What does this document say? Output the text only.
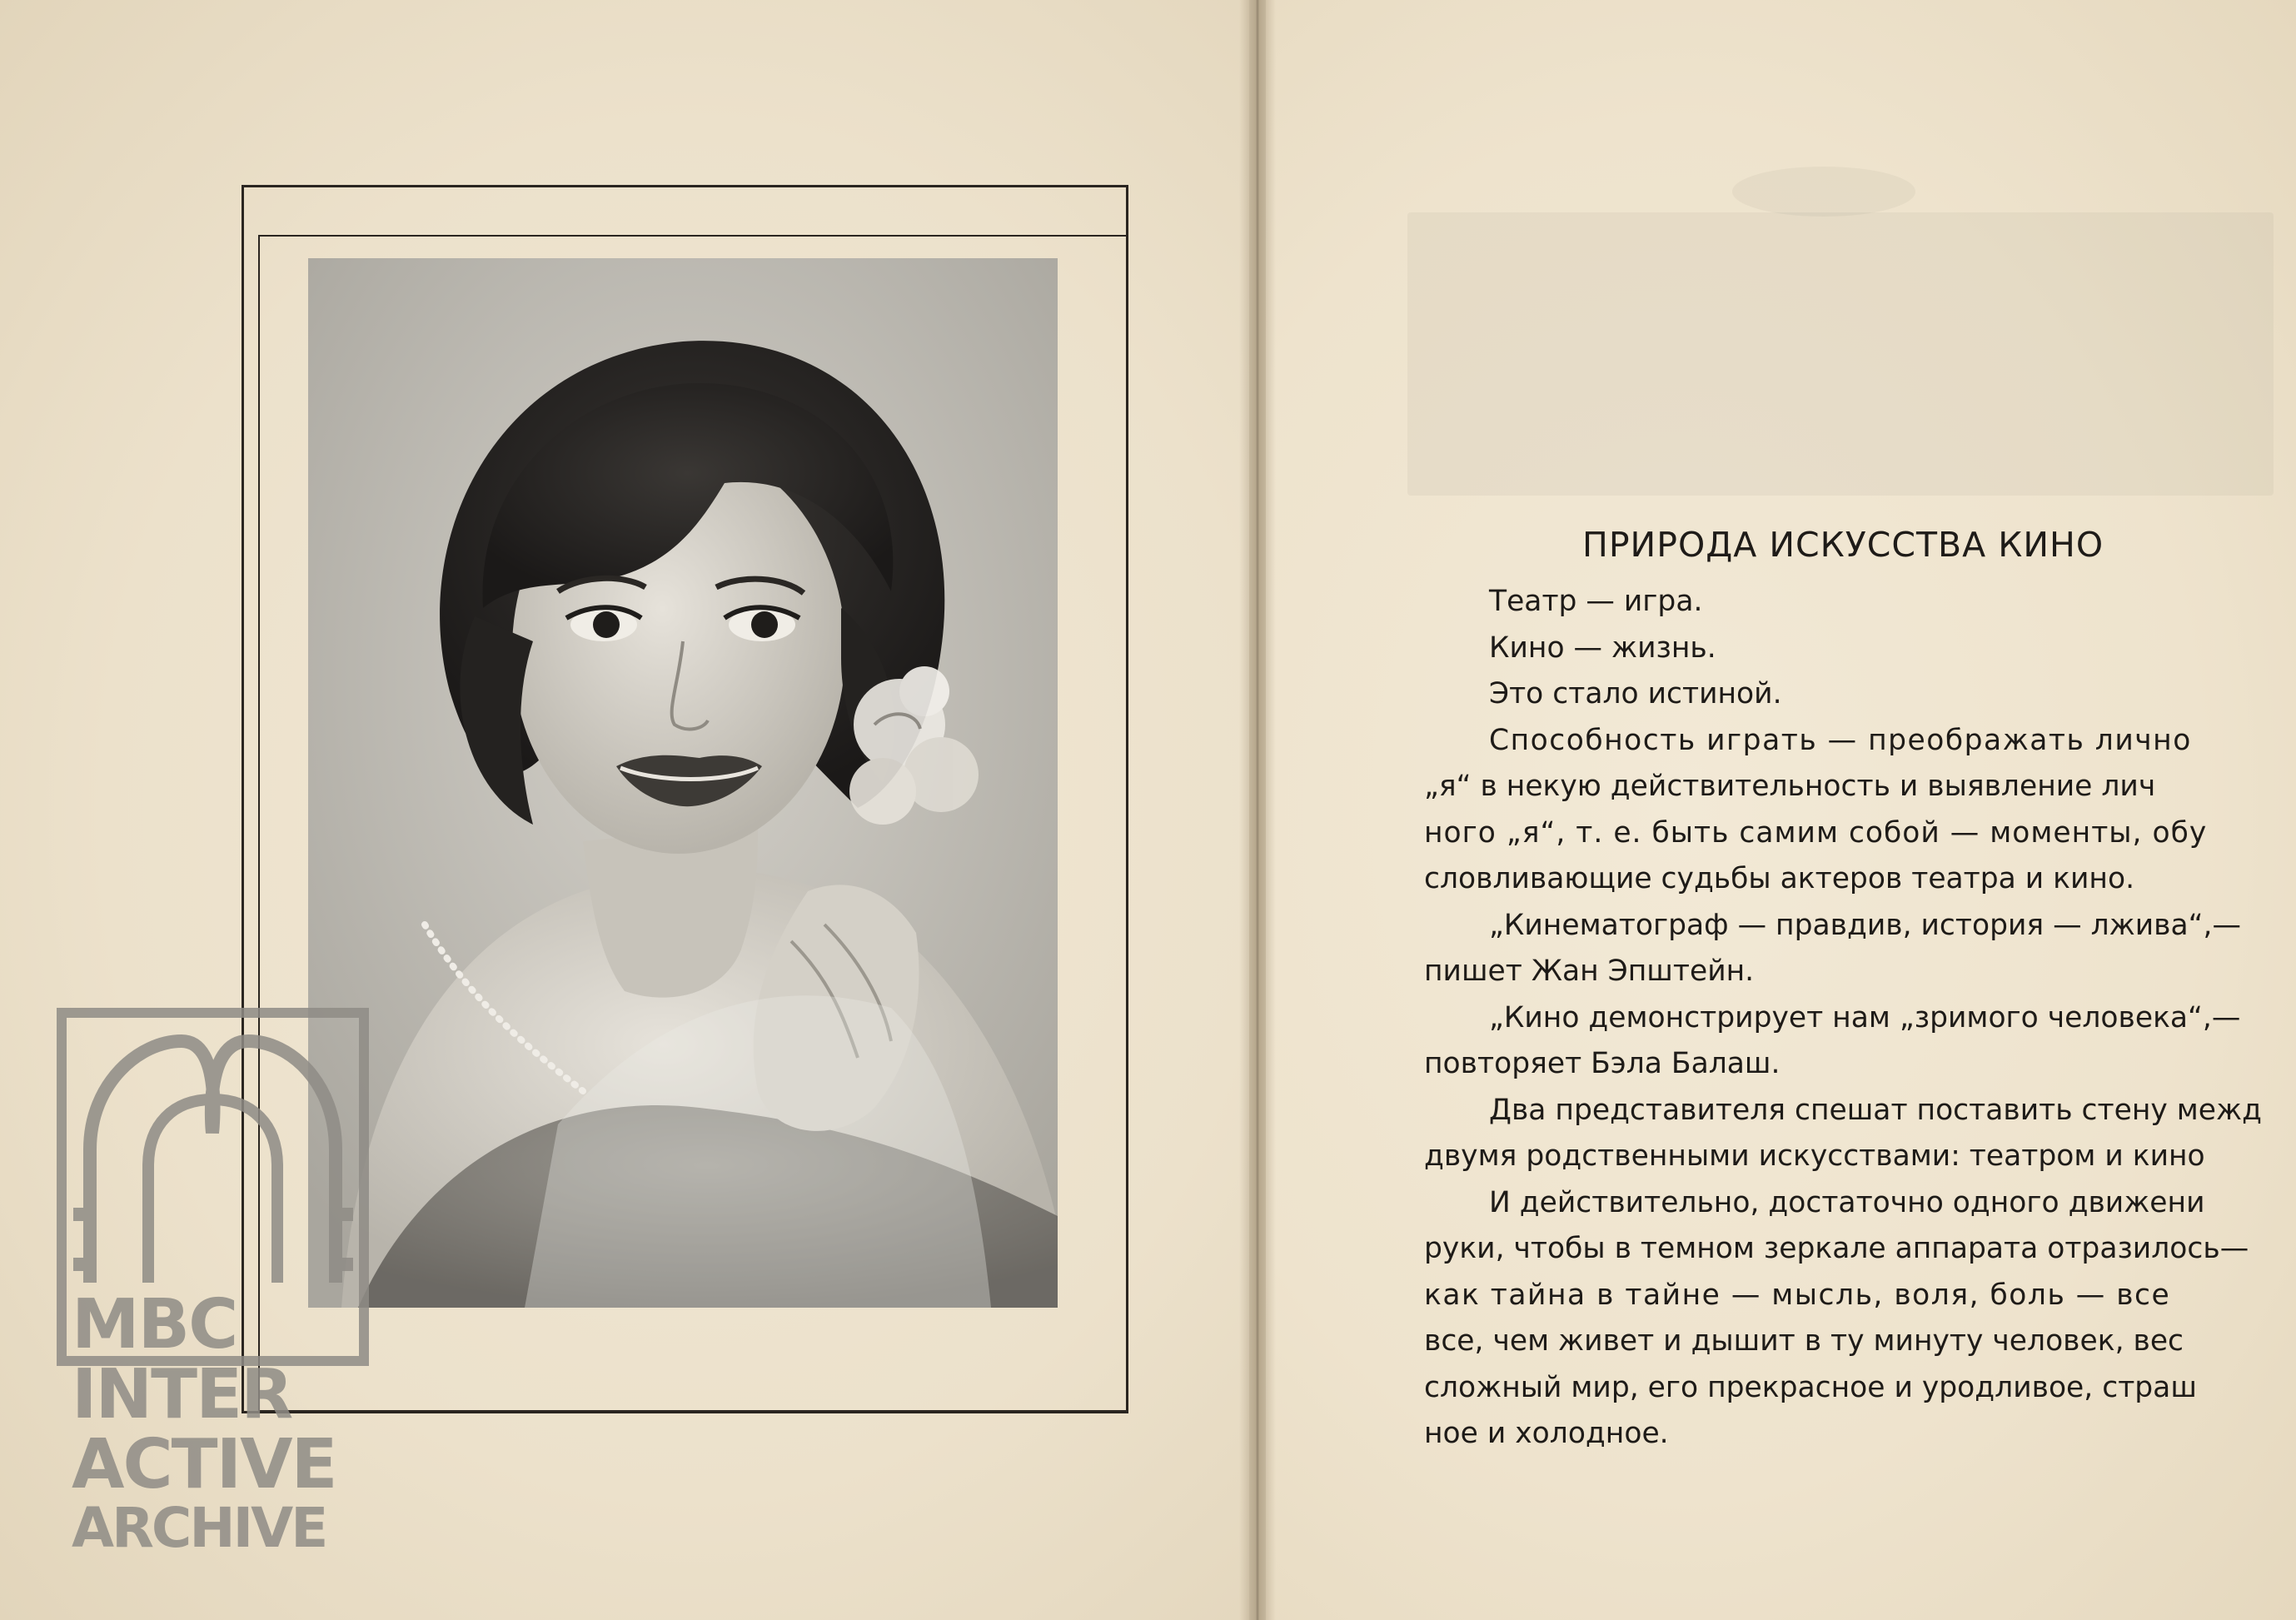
ПРИРОДА ИСКУССТВА КИНО
Театр — игра.
Кино — жизнь.
Это стало истиной.
Способность играть — преображать лично
„я“ в некую действительность и выявление лич
ного „я“, т. е. быть самим собой — моменты, обу
словливающие судьбы актеров театра и кино.
„Кинематограф — правдив, история — лжива“,—
пишет Жан Эпштейн.
„Кино демонстрирует нам „зримого человека“,—
повторяет Бэла Балаш.
Два представителя спешат поставить стену межд
двумя родственными искусствами: театром и кино
И действительно, достаточно одного движени
руки, чтобы в темном зеркале аппарата отразилось—
как тайна в тайне — мысль, воля, боль — все
все, чем живет и дышит в ту минуту человек, вес
сложный мир, его прекрасное и уродливое, страш
ное и холодное.
MBC
INTER
ACTIVE
ARCHIVE
